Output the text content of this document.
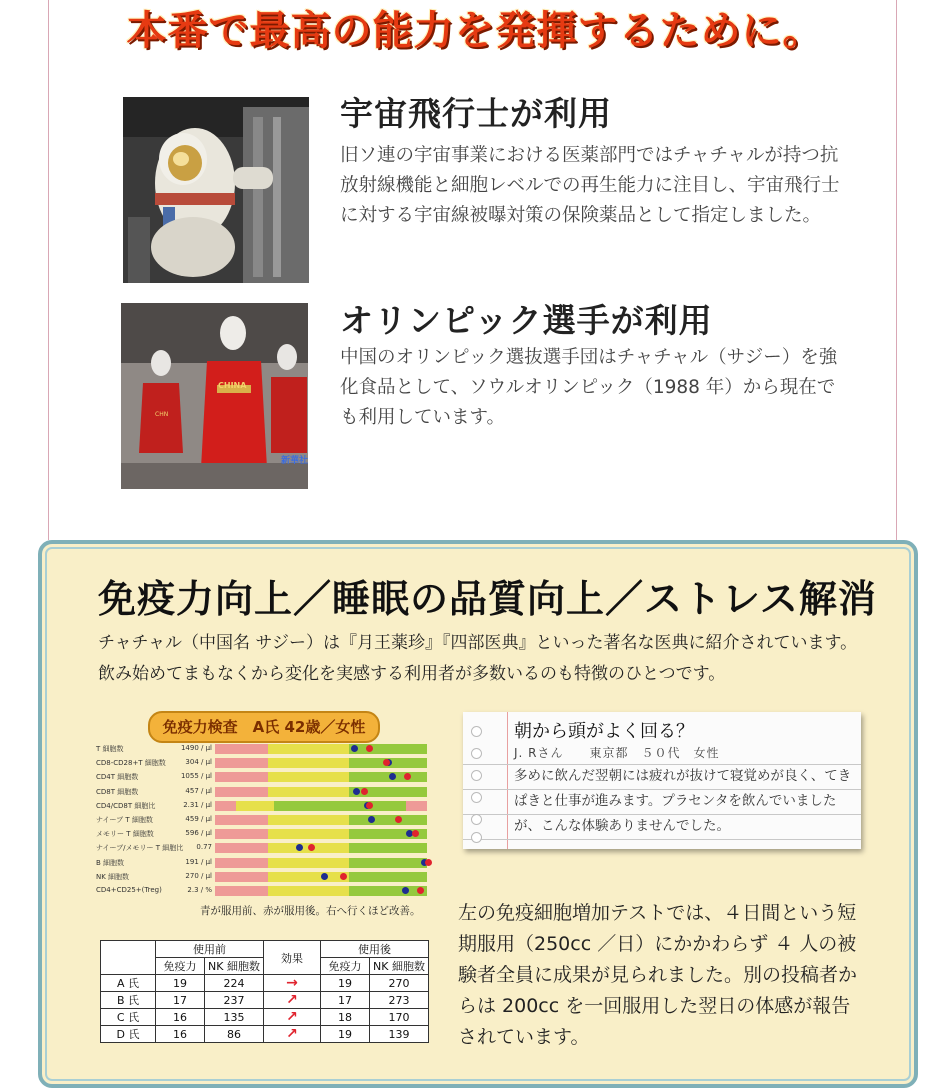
本番で最高の能力を発揮するために。
宇宙飛行士が利用
旧ソ連の宇宙事業における医薬部門ではチャチャルが持つ抗放射線機能と細胞レベルでの再生能力に注目し、宇宙飛行士に対する宇宙線被曝対策の保険薬品として指定しました。
CHINA
CHN
新華社
オリンピック選手が利用
中国のオリンピック選抜選手団はチャチャル（サジー）を強化食品として、ソウルオリンピック（1988 年）から現在でも利用しています。
免疫力向上／睡眠の品質向上／ストレス解消
チャチャル（中国名 サジー）は『月王薬珍』『四部医典』といった著名な医典に紹介されています。飲み始めてまもなくから変化を実感する利用者が多数いるのも特徴のひとつです。
免疫力検査　A氏 42歳／女性
T 細胞数	1490 / μl
CD8-CD28+T 細胞数	304 / μl
CD4T 細胞数	1055 / μl
CD8T 細胞数	457 / μl
CD4/CD8T 細胞比	2.31 / μl
ナイーブ T 細胞数	459 / μl
メモリー T 細胞数	596 / μl
ナイーブ/メモリー T 細胞比	0.77
B 細胞数	191 / μl
NK 細胞数	270 / μl
CD4+CD25+(Treg)	2.3 / %
青が服用前、赤が服用後。右へ行くほど改善。
	使用前		効果	使用後	
	免疫力	NK 細胞数		免疫力	NK 細胞数
A 氏	19	224	→	19	270
B 氏	17	237	↗	17	273
C 氏	16	135	↗	18	170
D 氏	16	86	↗	19	139
朝から頭がよく回る？
J. Rさん　　東京都　５０代　女性
多めに飲んだ翌朝には疲れが抜けて寝覚めが良く、てきぱきと仕事が進みます。プラセンタを飲んでいましたが、こんな体験ありませんでした。
左の免疫細胞増加テストでは、４日間という短期服用（250cc ／日）にかかわらず ４ 人の被験者全員に成果が見られました。別の投稿者からは 200cc を一回服用した翌日の体感が報告されています。
